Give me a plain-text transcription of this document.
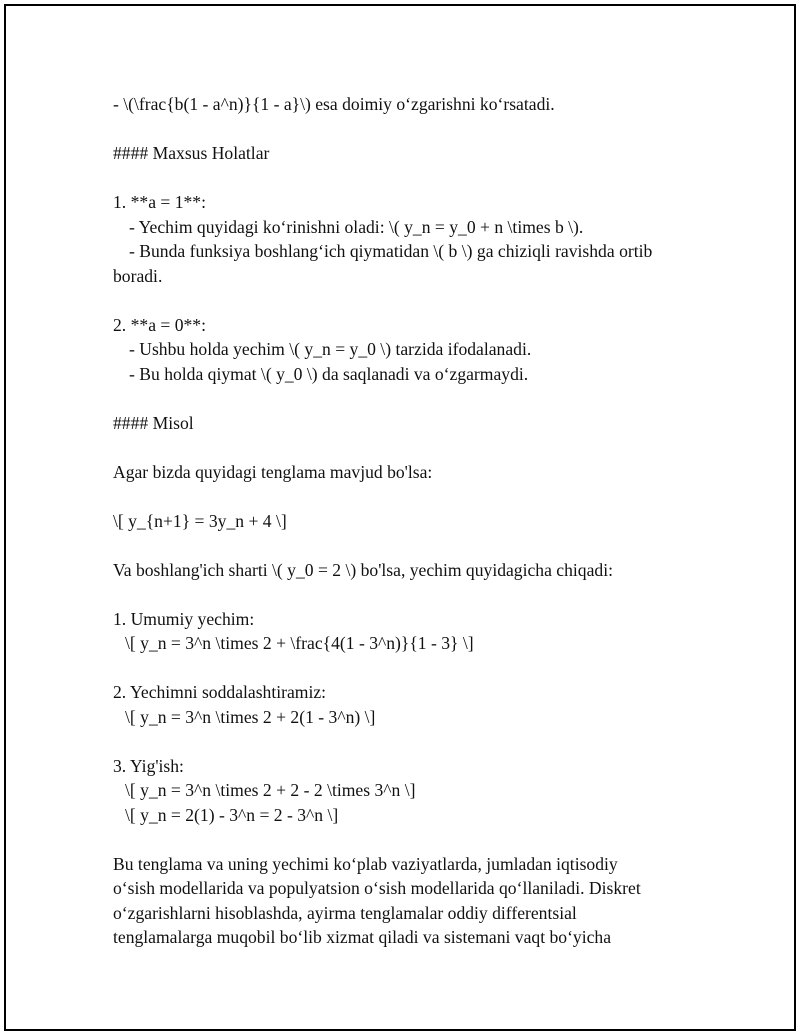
- \(\frac{b(1 - a^n)}{1 - a}\) esa doimiy o‘zgarishni ko‘rsatadi.
#### Maxsus Holatlar
1. **a = 1**:
- Yechim quyidagi ko‘rinishni oladi: \( y_n = y_0 + n \times b \).
- Bunda funksiya boshlang‘ich qiymatidan \( b \) ga chiziqli ravishda ortib
boradi.
2. **a = 0**:
- Ushbu holda yechim \( y_n = y_0 \) tarzida ifodalanadi.
- Bu holda qiymat \( y_0 \) da saqlanadi va o‘zgarmaydi.
#### Misol
Agar bizda quyidagi tenglama mavjud bo'lsa:
\[ y_{n+1} = 3y_n + 4 \]
Va boshlang'ich sharti \( y_0 = 2 \) bo'lsa, yechim quyidagicha chiqadi:
1. Umumiy yechim:
\[ y_n = 3^n \times 2 + \frac{4(1 - 3^n)}{1 - 3} \]
2. Yechimni soddalashtiramiz:
\[ y_n = 3^n \times 2 + 2(1 - 3^n) \]
3. Yig'ish:
\[ y_n = 3^n \times 2 + 2 - 2 \times 3^n \]
\[ y_n = 2(1) - 3^n = 2 - 3^n \]
Bu tenglama va uning yechimi ko‘plab vaziyatlarda, jumladan iqtisodiy
o‘sish modellarida va populyatsion o‘sish modellarida qo‘llaniladi. Diskret
o‘zgarishlarni hisoblashda, ayirma tenglamalar oddiy differentsial
tenglamalarga muqobil bo‘lib xizmat qiladi va sistemani vaqt bo‘yicha
